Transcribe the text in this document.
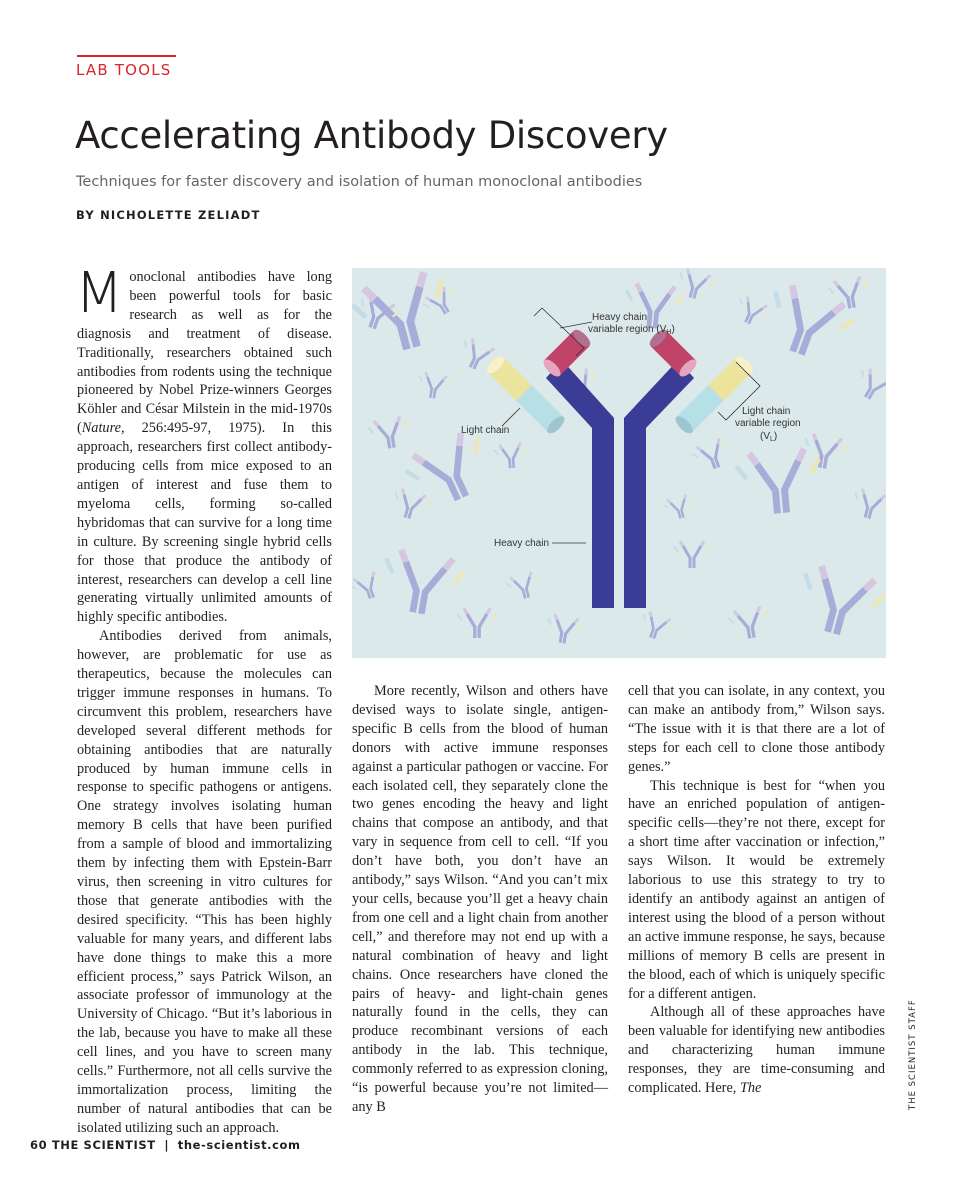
LAB TOOLS
Accelerating Antibody Discovery
Techniques for faster discovery and isolation of human monoclonal antibodies
BY NICHOLETTE ZELIADT

Monoclonal antibodies have long been powerful tools for basic research as well as for the diagnosis and treatment of disease. Traditionally, researchers obtained such antibodies from rodents using the technique pioneered by Nobel Prize-winners Georges Köhler and César Milstein in the mid-1970s (Nature, 256:495-97, 1975). In this approach, researchers first collect antibody-producing cells from mice exposed to an antigen of interest and fuse them to myeloma cells, forming so-called hybridomas that can survive for a long time in culture. By screening single hybrid cells for those that produce the antibody of interest, researchers can develop a cell line generating virtually unlimited amounts of highly specific antibodies.

Antibodies derived from animals, however, are problematic for use as therapeutics, because the molecules can trigger immune responses in humans. To circumvent this problem, researchers have developed several different methods for obtaining antibodies that are naturally produced by human immune cells in response to specific pathogens or antigens. One strategy involves isolating human memory B cells that have been purified from a sample of blood and immortalizing them by infecting them with Epstein-Barr virus, then screening in vitro cultures for those that generate antibodies with the desired specificity. “This has been highly valuable for many years, and different labs have done things to make this a more efficient process,” says Patrick Wilson, an associate professor of immunology at the University of Chicago. “But it’s laborious in the lab, because you have to make all these cell lines, and you have to screen many cells.” Furthermore, not all cells survive the immortalization process, limiting the number of natural antibodies that can be isolated utilizing such an approach.

Heavy chain
variable region $(V_H)$
Light chain
Light chain
variable region
$(V_L)$
Heavy chain

More recently, Wilson and others have devised ways to isolate single, antigen-specific B cells from the blood of human donors with active immune responses against a particular pathogen or vaccine. For each isolated cell, they separately clone the two genes encoding the heavy and light chains that compose an antibody, and that vary in sequence from cell to cell. “If you don’t have both, you don’t have an antibody,” says Wilson. “And you can’t mix your cells, because you’ll get a heavy chain from one cell and a light chain from another cell,” and therefore may not end up with a natural combination of heavy and light chains. Once researchers have cloned the pairs of heavy- and light-chain genes naturally found in the cells, they can produce recombinant versions of each antibody in the lab. This technique, commonly referred to as expression cloning, “is powerful because you’re not limited—any B

cell that you can isolate, in any context, you can make an antibody from,” Wilson says. “The issue with it is that there are a lot of steps for each cell to clone those antibody genes.”

This technique is best for “when you have an enriched population of antigen-specific cells—they’re not there, except for a short time after vaccination or infection,” says Wilson. It would be extremely laborious to use this strategy to try to identify an antibody against an antigen of interest using the blood of a person without an active immune response, he says, because millions of memory B cells are present in the blood, each of which is uniquely specific for a different antigen.

Although all of these approaches have been valuable for identifying new antibodies and characterizing human immune responses, they are time-consuming and complicated. Here, The	THE SCIENTIST STAFF
60 THE SCIENTIST | the-scientist.com
